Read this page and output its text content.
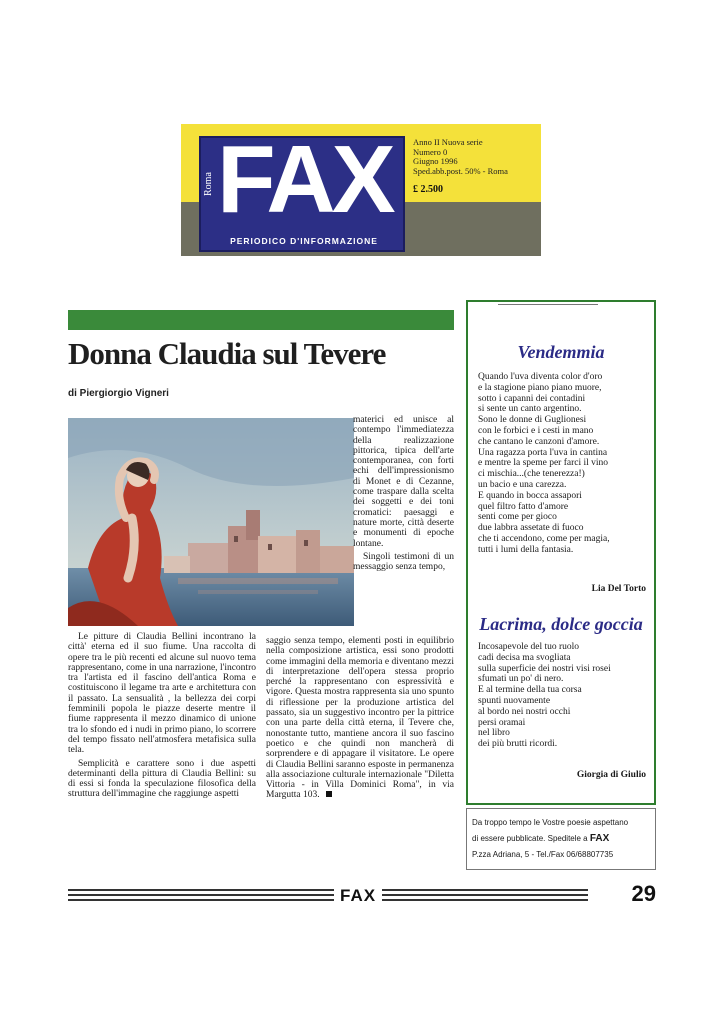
Roma FAX
PERIODICO D'INFORMAZIONE
Anno II Nuova serie
Numero 0
Giugno 1996
Sped.abb.post. 50% - Roma
£ 2.500
Donna Claudia sul Tevere
di Piergiorgio Vigneri

materici ed unisce al contempo l'immediatezza della realizzazione pittorica, tipica dell'arte contemporanea, con forti echi dell'impressionismo di Monet e di Cezanne, come traspare dalla scelta dei soggetti e dei toni cromatici: paesaggi e nature morte, città deserte e monumenti di epoche lontane.

Singoli testimoni di un messaggio senza tempo,

Le pitture di Claudia Bellini incontrano la città' eterna ed il suo fiume. Una raccolta di opere tra le più recenti ed alcune sul nuovo tema rappresentano, come in una narrazione, l'incontro tra l'artista ed il fascino dell'antica Roma e costituiscono il legame tra arte e architettura con il passato. La sensualità , la bellezza dei corpi femminili popola le piazze deserte mentre il fiume rappresenta il mezzo dinamico di unione tra lo sfondo ed i nudi in primo piano, lo scorrere del tempo fissato nell'atmosfera metafisica sulla tela.

Semplicità e carattere sono i due aspetti determinanti della pittura di Claudia Bellini: su di essi si fonda la speculazione filosofica della struttura dell'immagine che raggiunge aspetti

saggio senza tempo, elementi posti in equilibrio nella composizione artistica, essi sono prodotti come immagini della memoria e diventano mezzi di interpretazione dell'opera stessa proprio perché la rappresentano con espressività e vigore. Questa mostra rappresenta sia uno spunto di riflessione per la produzione artistica del passato, sia un suggestivo incontro per la pittrice con una parte della città eterna, il Tevere che, nonostante tutto, mantiene ancora il suo fascino poetico e che quindi non mancherà di sorprendere e di appagare il visitatore. Le opere di Claudia Bellini saranno esposte in permanenza alla associazione culturale internazionale "Diletta Vittoria - in Villa Dominici Roma", in via Margutta 103.

Vendemmia
Quando l'uva diventa color d'oro
e la stagione piano piano muore,
sotto i capanni dei contadini
si sente un canto argentino.
Sono le donne di Guglionesi
con le forbici e i cesti in mano
che cantano le canzoni d'amore.
Una ragazza porta l'uva in cantina
e mentre la speme per farci il vino
ci mischia...(che tenerezza!)
un bacio e una carezza.
E quando in bocca assapori
quel filtro fatto d'amore
senti come per gioco
due labbra assetate di fuoco
che ti accendono, come per magia,
tutti i lumi della fantasia.
Lia Del Torto
Lacrima, dolce goccia
Incosapevole del tuo ruolo
cadi decisa ma svogliata
sulla superficie dei nostri visi rosei
sfumati un po' di nero.
E al termine della tua corsa
spunti nuovamente
al bordo nei nostri occhi
persi oramai
nel libro
dei più brutti ricordi.
Giorgia di Giulio
Da troppo tempo le Vostre poesie aspettano
di essere pubblicate. Speditele a FAX
P.zza Adriana, 5 - Tel./Fax 06/68807735
FAX	29
